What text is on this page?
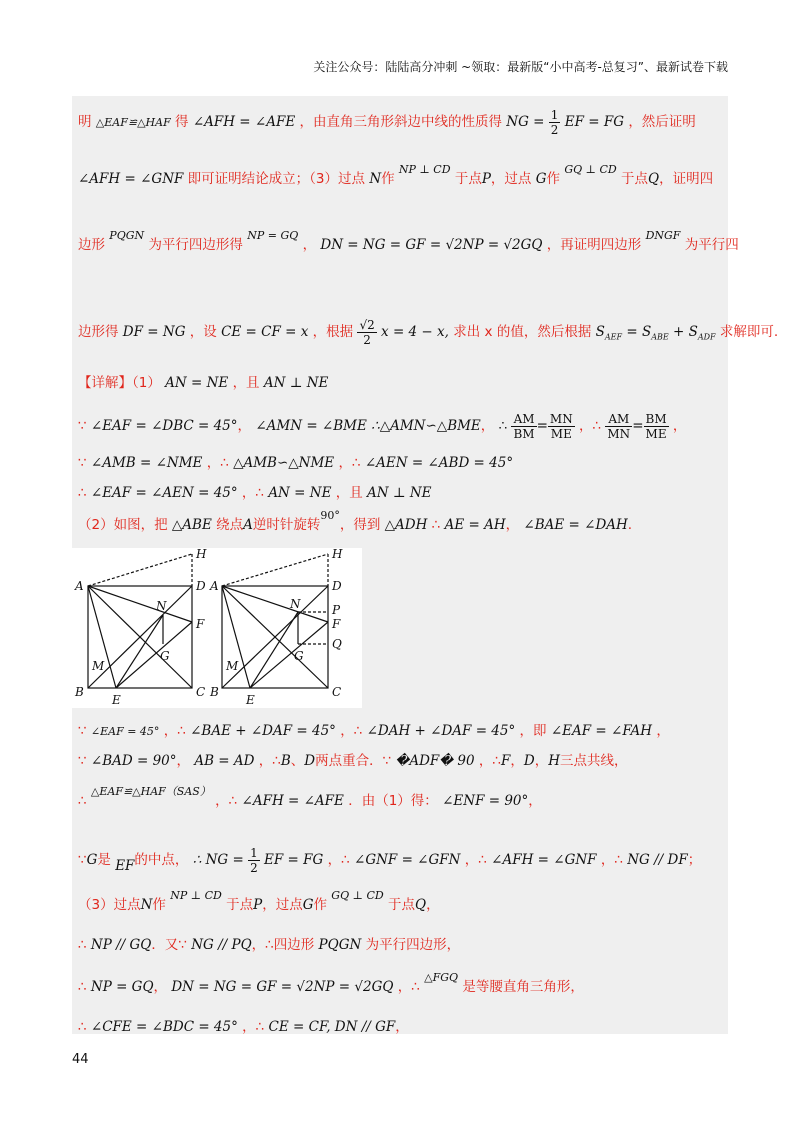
关注公众号：陆陆高分冲刺 ~领取：最新版“小中高考-总复习”、最新试卷下载
明 △EAF≌△HAF 得 ∠AFH = ∠AFE ，由直角三角形斜边中线的性质得 NG = $\frac{1}{2}$ EF = FG ，然后证明
∠AFH = ∠GNF 即可证明结论成立；（3）过点 N作 $^{NP \perp CD}$ 于点P，过点 G作 $^{GQ \perp CD}$ 于点Q，证明四
边形 $^{PQGN}$ 为平行四边形得 $^{NP = GQ}$ ， DN = NG = GF = √2NP = √2GQ ，再证明四边形 $^{DNGF}$ 为平行四
边形得 DF = NG ，设 CE = CF = x ，根据 $\frac{√2}{2}$ x = 4 − x, 求出 x 的值，然后根据 $S_{AEF} = S_{ABE} + S_{ADF}$ 求解即可.
【详解】（1） AN = NE ，且 AN ⊥ NE
∵ ∠EAF = ∠DBC = 45°， ∠AMN = ∠BME ∴△AMN∽△BME， ∴ $\frac{AM}{BM} = \frac{MN}{ME}$ ，∴ $\frac{AM}{MN} = \frac{BM}{ME}$ ，
∵ ∠AMB = ∠NME ，∴ △AMB∽△NME ，∴ ∠AEN = ∠ABD = 45°
∴ ∠EAF = ∠AEN = 45° ，∴ AN = NE ，且 AN ⊥ NE
（2）如图，把 △ABE 绕点A逆时针旋转$^{90^\circ}$，得到 △ADH ∴ AE = AH， ∠BAE = ∠DAH.
A
B	C
D
E
F
G
H
M
N
A
B	C
D
E
F
G
H
M
N	P
Q
∵ ∠EAF = 45° ，∴ ∠BAE + ∠DAF = 45° ，∴ ∠DAH + ∠DAF = 45° ，即 ∠EAF = ∠FAH ，
∵ ∠BAD = 90°， AB = AD ，∴B、D两点重合．∵ �ADF� 90 ，∴F，D，H三点共线，
∴ $^{\triangle EAF≌\triangle HAF(SAS)}$ ，∴ ∠AFH = ∠AFE ．由（1）得： ∠ENF = 90°，
∵G是 EF的中点， ∴ NG = $\frac{1}{2}$ EF = FG ，∴ ∠GNF = ∠GFN ，∴ ∠AFH = ∠GNF ，∴ NG // DF；
（3）过点N作 $^{NP \perp CD}$ 于点P，过点G作 $^{GQ \perp CD}$ 于点Q，
∴ NP // GQ．又∵ NG // PQ，∴四边形 PQGN 为平行四边形，
∴ NP = GQ， DN = NG = GF = √2NP = √2GQ ，∴ $^{\triangle FGQ}$ 是等腰直角三角形，
∴ ∠CFE = ∠BDC = 45° ，∴ CE = CF, DN // GF，
44
